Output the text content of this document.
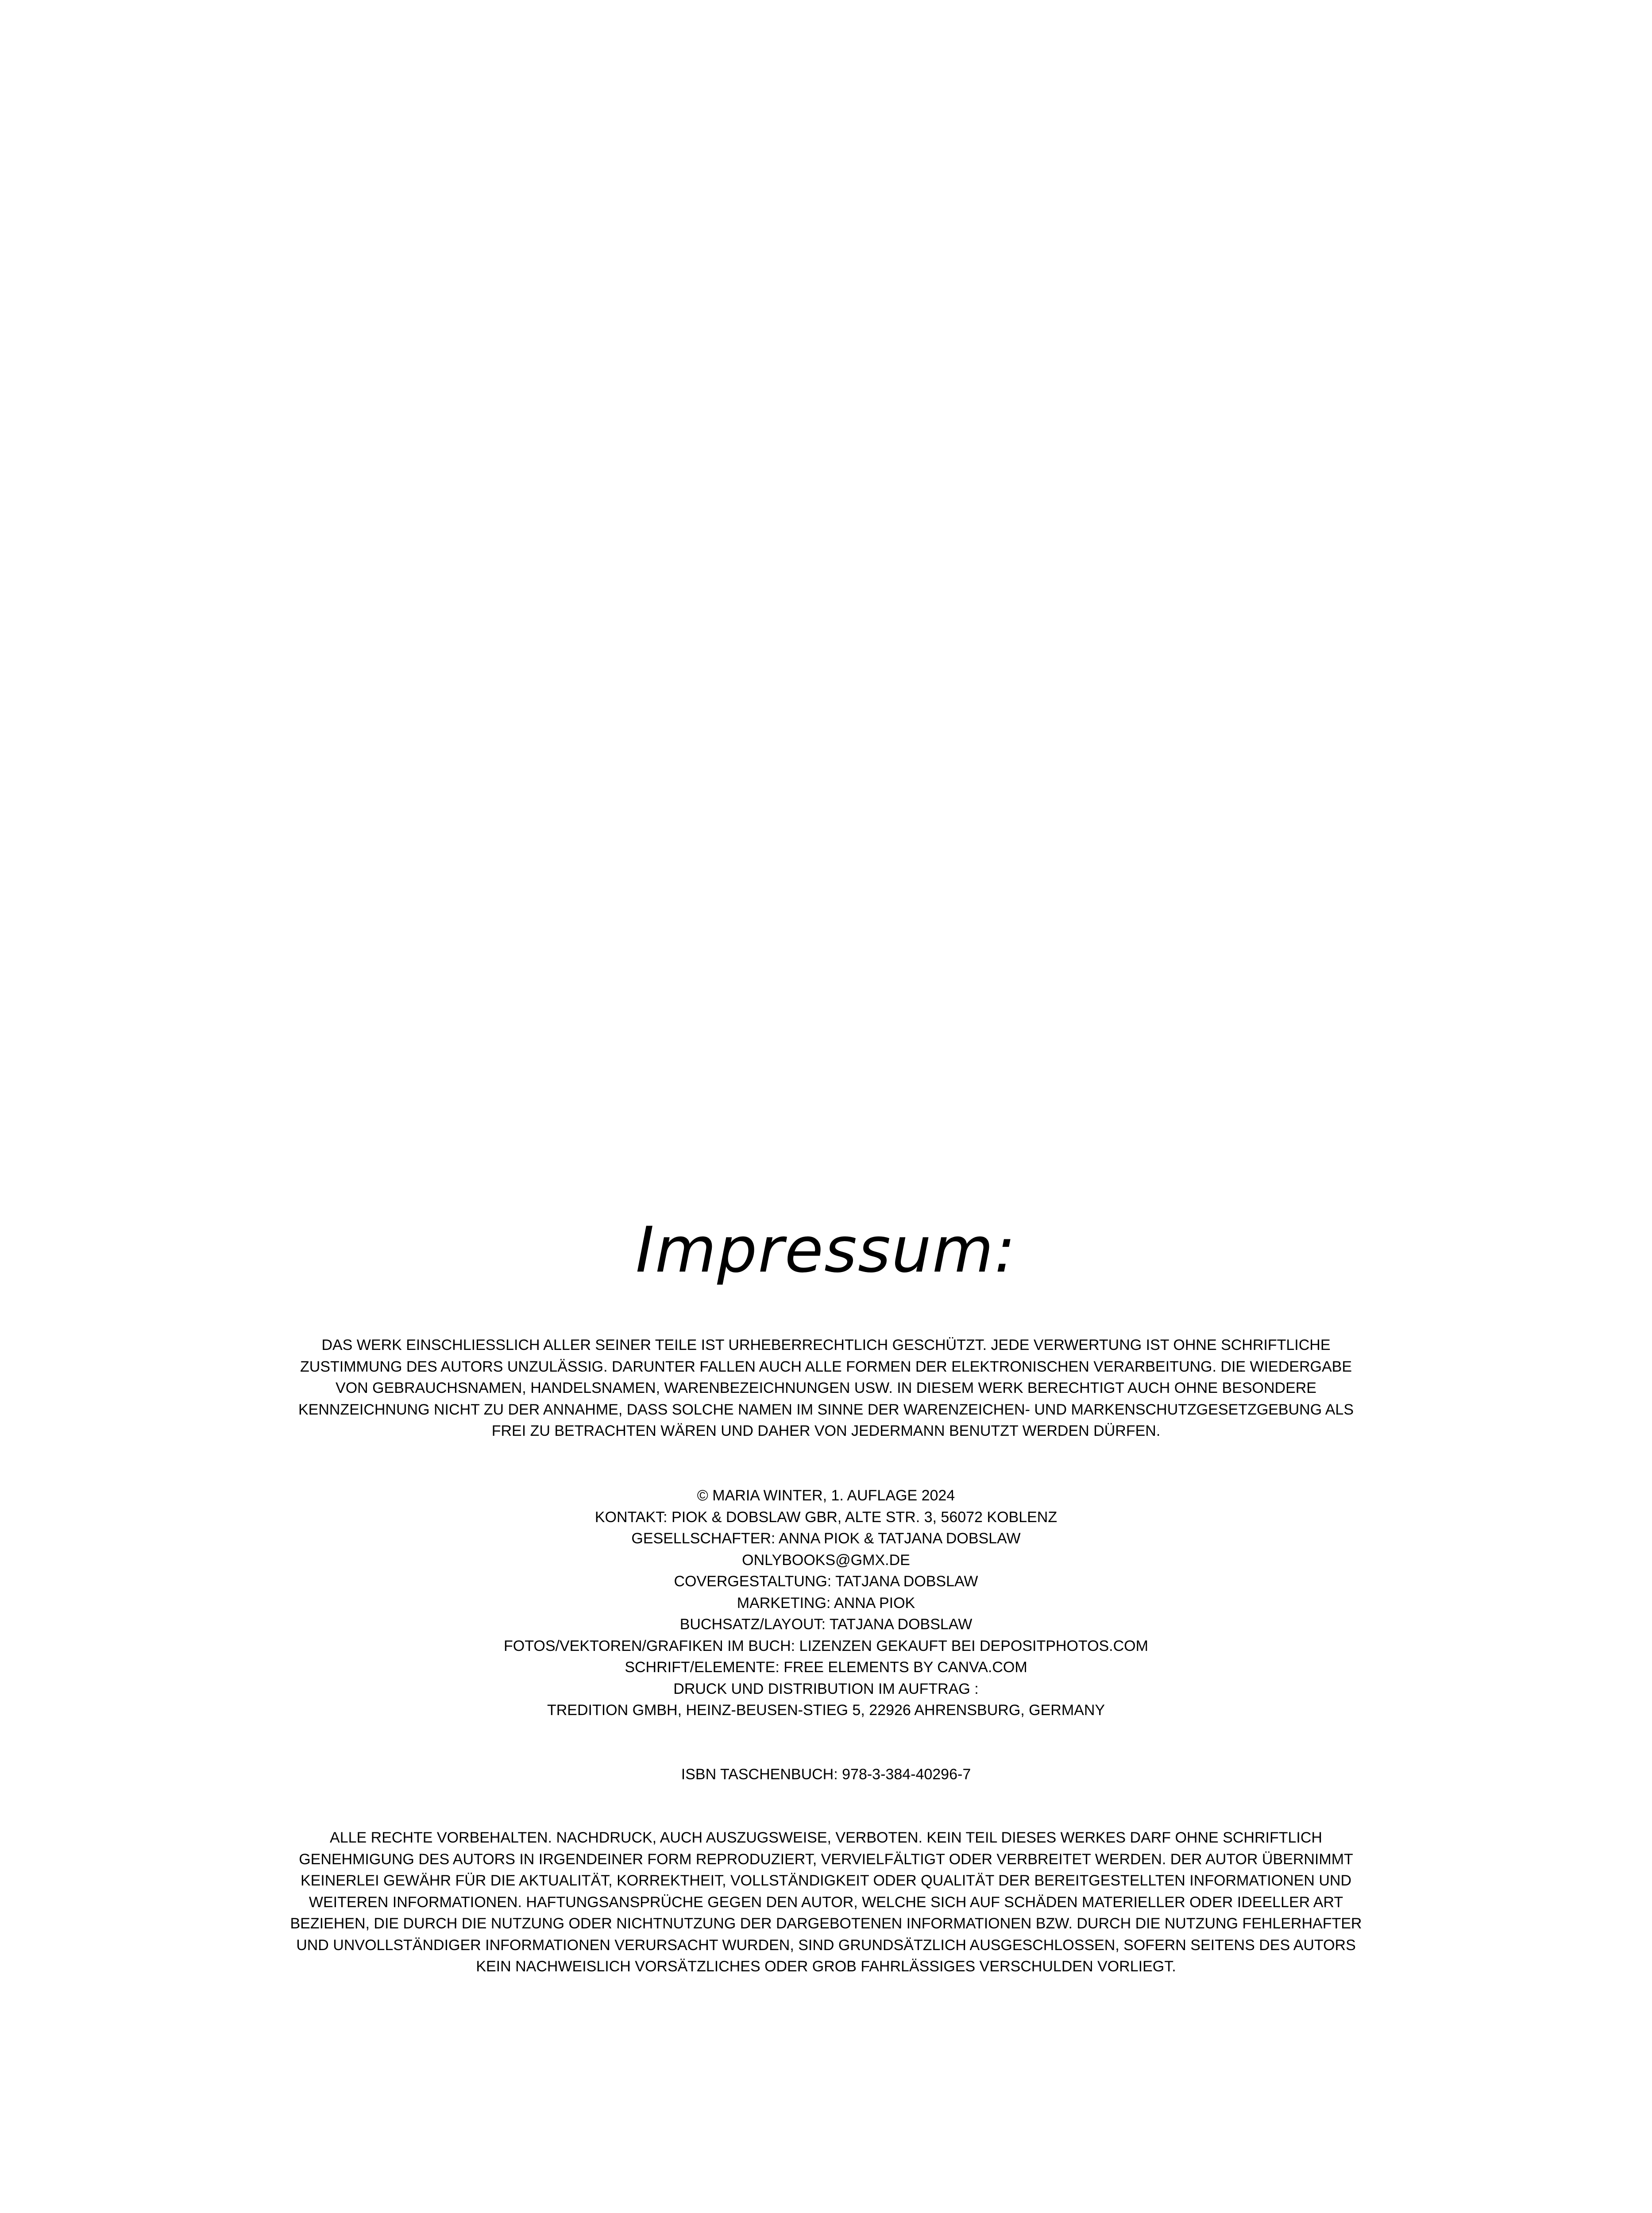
Impressum:

DAS WERK EINSCHLIESSLICH ALLER SEINER TEILE IST URHEBERRECHTLICH GESCHÜTZT. JEDE VERWERTUNG IST OHNE SCHRIFTLICHE ZUSTIMMUNG DES AUTORS UNZULÄSSIG. DARUNTER FALLEN AUCH ALLE FORMEN DER ELEKTRONISCHEN VERARBEITUNG. DIE WIEDERGABE VON GEBRAUCHSNAMEN, HANDELSNAMEN, WARENBEZEICHNUNGEN USW. IN DIESEM WERK BERECHTIGT AUCH OHNE BESONDERE KENNZEICHNUNG NICHT ZU DER ANNAHME, DASS SOLCHE NAMEN IM SINNE DER WARENZEICHEN- UND MARKENSCHUTZGESETZGEBUNG ALS FREI ZU BETRACHTEN WÄREN UND DAHER VON JEDERMANN BENUTZT WERDEN DÜRFEN.

© MARIA WINTER, 1. AUFLAGE 2024

KONTAKT: PIOK & DOBSLAW GBR, ALTE STR. 3, 56072 KOBLENZ

GESELLSCHAFTER: ANNA PIOK & TATJANA DOBSLAW

ONLYBOOKS@GMX.DE

COVERGESTALTUNG: TATJANA DOBSLAW

MARKETING: ANNA PIOK

BUCHSATZ/LAYOUT: TATJANA DOBSLAW

FOTOS/VEKTOREN/GRAFIKEN IM BUCH: LIZENZEN GEKAUFT BEI DEPOSITPHOTOS.COM

SCHRIFT/ELEMENTE: FREE ELEMENTS BY CANVA.COM

DRUCK UND DISTRIBUTION IM AUFTRAG :

TREDITION GMBH, HEINZ-BEUSEN-STIEG 5, 22926 AHRENSBURG, GERMANY

ISBN TASCHENBUCH: 978-3-384-40296-7

ALLE RECHTE VORBEHALTEN. NACHDRUCK, AUCH AUSZUGSWEISE, VERBOTEN. KEIN TEIL DIESES WERKES DARF OHNE SCHRIFTLICH GENEHMIGUNG DES AUTORS IN IRGENDEINER FORM REPRODUZIERT, VERVIELFÄLTIGT ODER VERBREITET WERDEN. DER AUTOR ÜBERNIMMT KEINERLEI GEWÄHR FÜR DIE AKTUALITÄT, KORREKTHEIT, VOLLSTÄNDIGKEIT ODER QUALITÄT DER BEREITGESTELLTEN INFORMATIONEN UND WEITEREN INFORMATIONEN. HAFTUNGSANSPRÜCHE GEGEN DEN AUTOR, WELCHE SICH AUF SCHÄDEN MATERIELLER ODER IDEELLER ART BEZIEHEN, DIE DURCH DIE NUTZUNG ODER NICHTNUTZUNG DER DARGEBOTENEN INFORMATIONEN BZW. DURCH DIE NUTZUNG FEHLERHAFTER UND UNVOLLSTÄNDIGER INFORMATIONEN VERURSACHT WURDEN, SIND GRUNDSÄTZLICH AUSGESCHLOSSEN, SOFERN SEITENS DES AUTORS KEIN NACHWEISLICH VORSÄTZLICHES ODER GROB FAHRLÄSSIGES VERSCHULDEN VORLIEGT.
